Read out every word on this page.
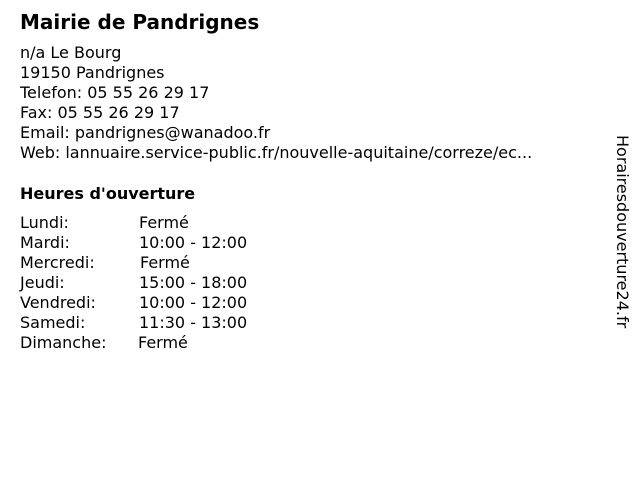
Mairie de Pandrignes
n/a Le Bourg
19150 Pandrignes
Telefon: 05 55 26 29 17
Fax: 05 55 26 29 17
Email: pandrignes@wanadoo.fr
Web: lannuaire.service-public.fr/nouvelle-aquitaine/correze/ec...
Heures d'ouverture
Lundi:	Fermé
Mardi:	10:00 - 12:00
Mercredi:	Fermé
Jeudi:	15:00 - 18:00
Vendredi:	10:00 - 12:00
Samedi:	11:30 - 13:00
Dimanche: Fermé
Horairesdouverture24.fr
